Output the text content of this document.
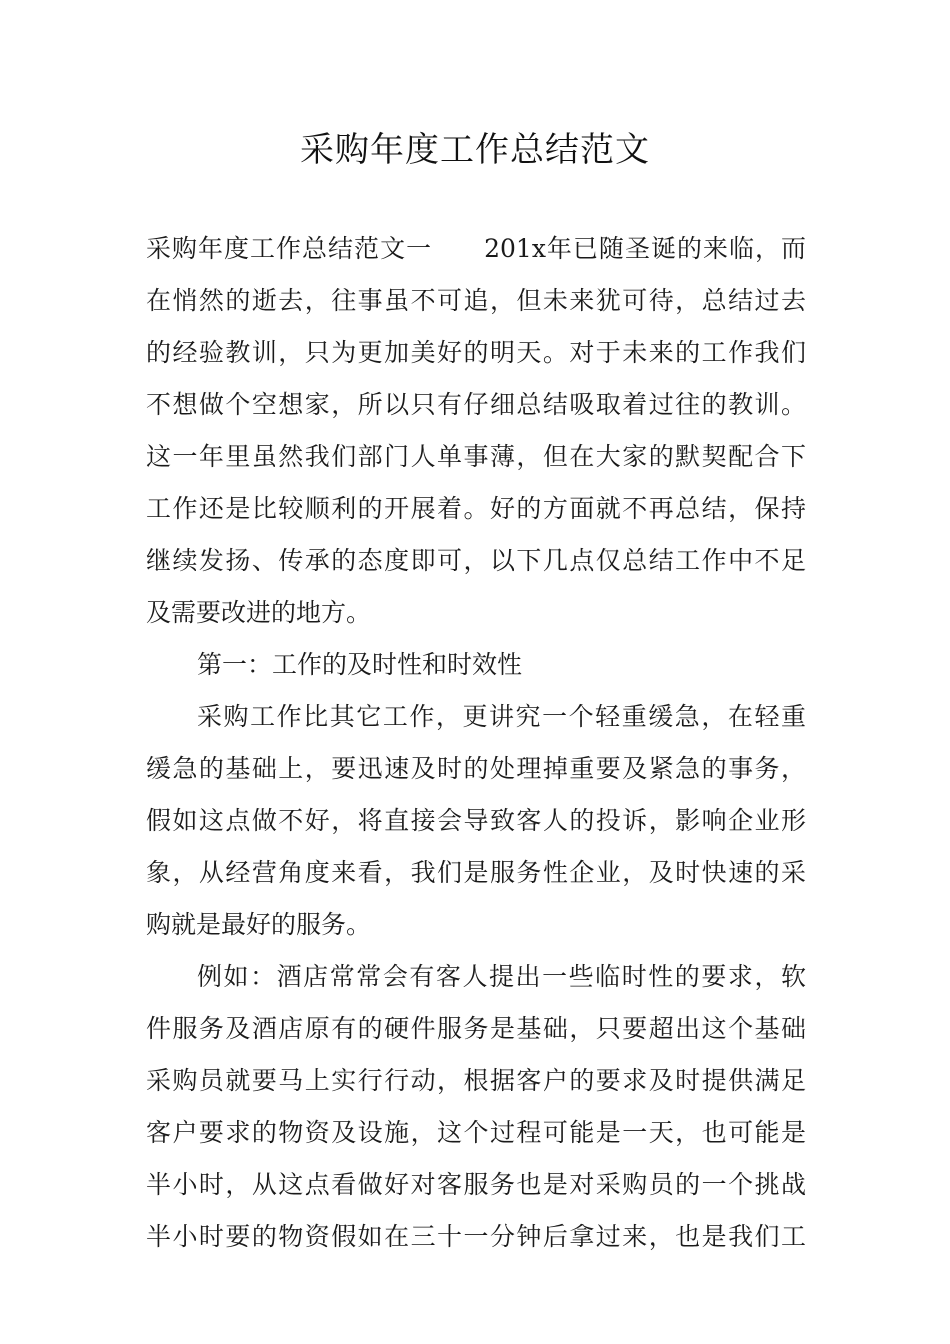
采购年度工作总结范文
采购年度工作总结范文一　　201x年已随圣诞的来临，而
在悄然的逝去，往事虽不可追，但未来犹可待，总结过去
的经验教训，只为更加美好的明天。对于未来的工作我们
不想做个空想家，所以只有仔细总结吸取着过往的教训。
这一年里虽然我们部门人单事薄，但在大家的默契配合下
工作还是比较顺利的开展着。好的方面就不再总结，保持
继续发扬、传承的态度即可，以下几点仅总结工作中不足
及需要改进的地方。
第一：工作的及时性和时效性
采购工作比其它工作，更讲究一个轻重缓急，在轻重
缓急的基础上，要迅速及时的处理掉重要及紧急的事务，
假如这点做不好，将直接会导致客人的投诉，影响企业形
象，从经营角度来看，我们是服务性企业，及时快速的采
购就是最好的服务。
例如：酒店常常会有客人提出一些临时性的要求，软
件服务及酒店原有的硬件服务是基础，只要超出这个基础
采购员就要马上实行行动，根据客户的要求及时提供满足
客户要求的物资及设施，这个过程可能是一天，也可能是
半小时，从这点看做好对客服务也是对采购员的一个挑战
半小时要的物资假如在三十一分钟后拿过来，也是我们工
